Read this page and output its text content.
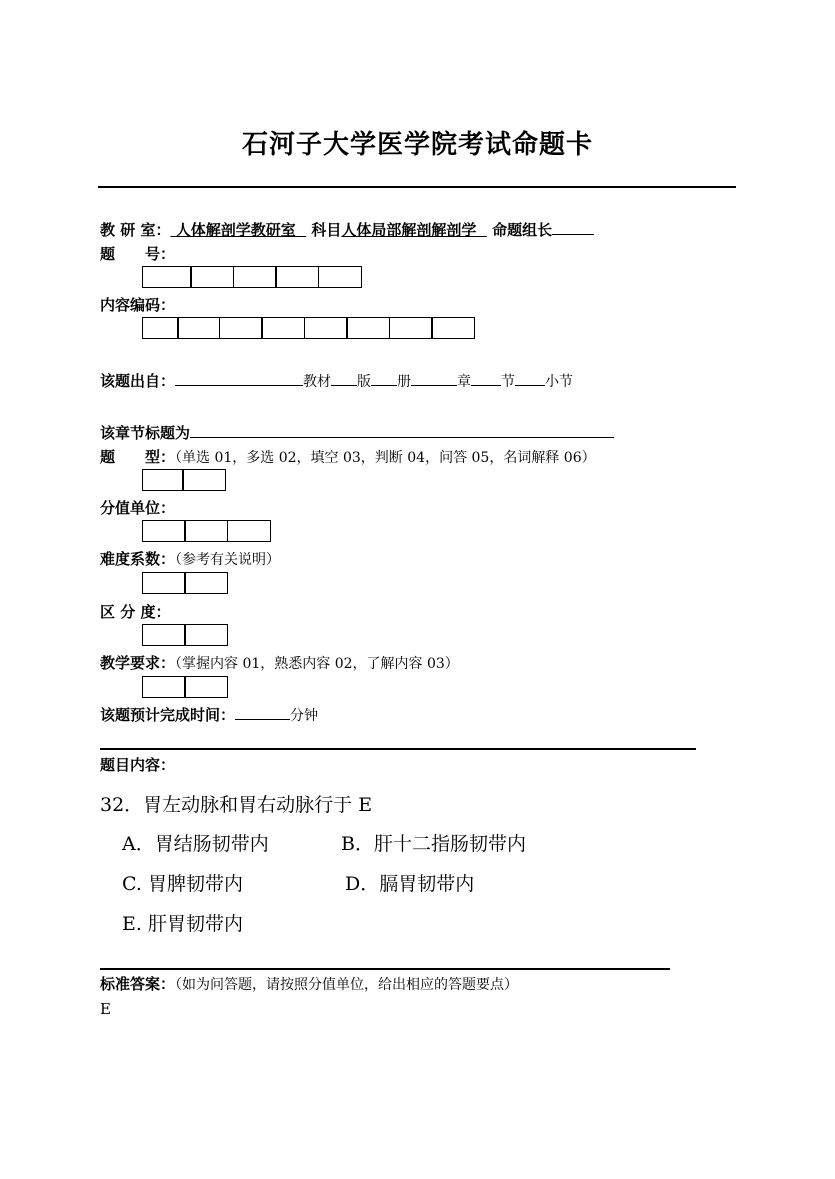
石河子大学医学院考试命题卡
教 研 室： 人体解剖学教研室 科目人体局部解剖解剖学 命题组长
题　　号：
内容编码：
该题出自：	教材 版 册	章 节 小节
该章节标题为
题　　型：（单选 01，多选 02，填空 03，判断 04，问答 05，名词解释 06）
分值单位：
难度系数：（参考有关说明）
区 分 度：
教学要求：（掌握内容 01，熟悉内容 02，了解内容 03）
该题预计完成时间：	分钟
题目内容：
32．胃左动脉和胃右动脉行于 E
A．胃结肠韧带内	B．肝十二指肠韧带内
C. 胃脾韧带内	D．膈胃韧带内
E. 肝胃韧带内
标准答案：（如为问答题，请按照分值单位，给出相应的答题要点）
E
